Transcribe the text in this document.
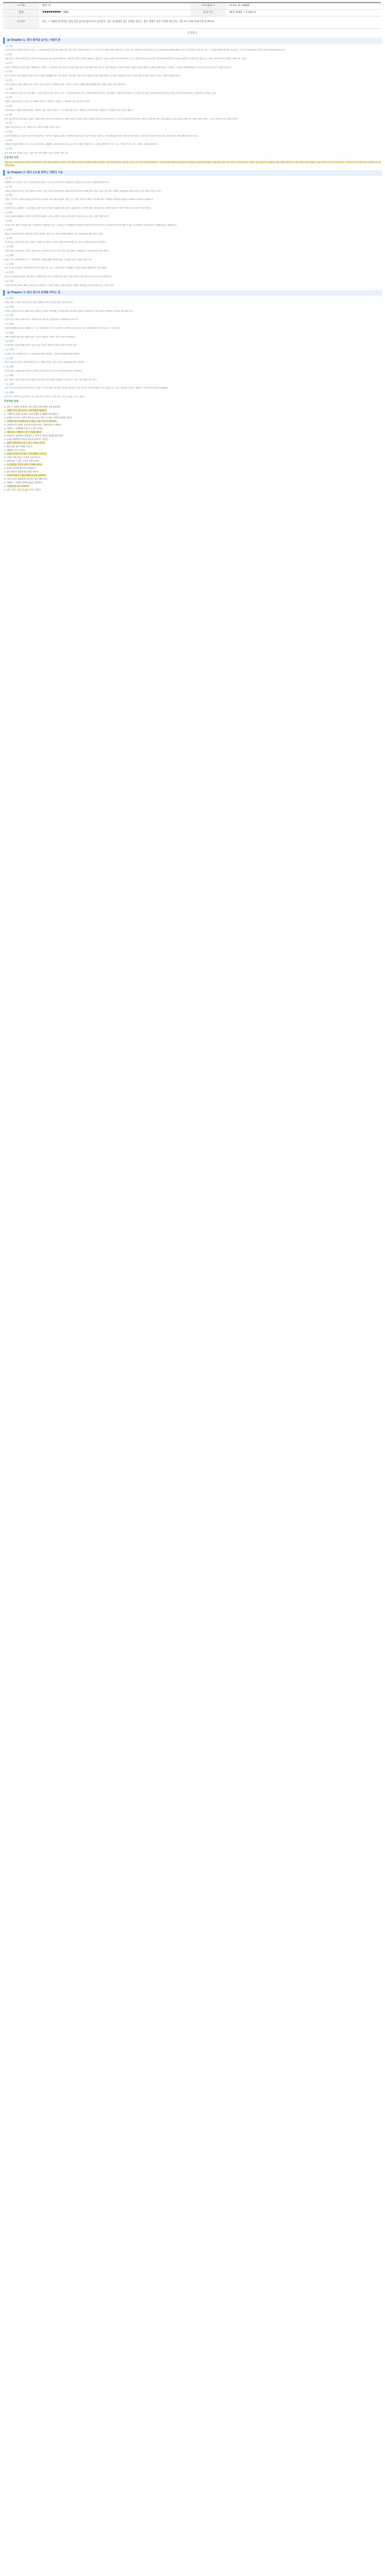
도서명	말의 격	저자/출판사	라이프 북 / 2024
평점	♥♥♥♥♥♥♥♥♥♡ (4.5)	독서기간	24.7.1(월) ~ 7.31(수)
한 줄평	말은 그 사람의 인격이다. 말의 격을 높이면 삶의 격이 높아진다. 좋은 말 습관이 좋은 관계를 만들고, 좋은 관계가 좋은 인생을 만든다는 것을 다시 한번 되새기게 된 책이다.		
[ 목록 ]
■ Chapter 1. 말의 품격을 높이는 사람의 말
✓ p.18
누군가의 말이 마음에 오래 남는 이유는 그 말 안에 진심이 담겨 있기 때문이다. 말은 단순히 정보를 전달하는 도구가 아니라 사람과 사람 사이를 잇는 다리다. 같은 말이라도 어떤 마음으로 하느냐에 따라 상대에게 전해지는 온도가 달라진다. 말의 격은 결국 그 사람의 생각과 태도에서 비롯된다. 그러므로 말을 바꾸고 싶다면 먼저 생각을 바꾸어야 한다.
✓ p.22
말을 잘하는 사람은 많이 말하는 사람이 아니라 필요한 말을 필요한 때에 하는 사람이다. 침묵도 하나의 대화라는 것을 아는 사람은 상대의 이야기를 끝까지 듣는다. 경청은 말의 격을 높이는 가장 확실한 방법이며, 상대를 존중한다는 표현이기도 하다. 듣는 사람이 되어야 비로소 말하는 사람이 될 수 있다.
✓ p.27
칭찬은 구체적일수록 힘이 세다. '잘했어'라는 말보다 '그 부분에서 네가 끝까지 포기하지 않은 점이 정말 멋졌어'라는 말이 더 오래 기억된다. 구체적인 칭찬은 상대가 무엇을 잘했는지 정확히 알게 해주고, 다음에도 그 행동을 반복하게 만든다. 진심 어린 칭찬 한마디가 사람을 움직인다.
✓ p.31
화가 날 때 하는 말은 대부분 후회로 남는다. 감정이 격해졌을 때는 잠시 멈추는 것이 좋다. 숨을 고르고 생각을 정리한 뒤에 말해도 늦지 않다. 감정을 다스리는 사람이 말을 다스리고, 말을 다스리는 사람이 관계를 지킨다.
✓ p.35
사과는 빠를수록 좋다. 변명이 섞인 사과는 사과가 아니다. '미안해, 하지만…'이라는 말 대신 '미안해, 내가 잘못했어'라고 말할 수 있는 용기가 필요하다.
✓ p.38
말투는 습관이다. 매일 쓰는 말이 쌓여 그 사람의 말투가 되고, 말투는 다시 그 사람의 이미지가 된다. 부정적인 말을 자주 하는 사람 곁에는 사람이 모이지 않는다. 긍정적인 말 습관은 하루아침에 만들어지지 않지만, 오늘 한 마디를 바꾸는 것에서부터 시작할 수 있다.
✓ p.42
상대의 이름을 불러주는 것만으로도 대화의 분위기는 달라진다. 이름은 그 사람에게 가장 듣기 좋은 단어다.
✓ p.45
질문을 잘하는 사람이 대화를 잘하는 사람이다. 좋은 질문은 상대가 스스로 생각하게 만들고, 대화를 깊이 있게 이끈다. '왜'보다는 '어떻게'로 묻는 연습을 해보자.
✓ p.49
말은 한번 뱉으면 주워 담을 수 없다. 그래서 말하기 전에 세 번 생각하라는 옛말이 있다. 이 말이 사실인가, 필요한 말인가, 친절한 말인가. 이 세 가지 질문을 통과한 말만 입 밖으로 내보내도 많은 실수를 줄일 수 있다. 말의 무게를 아는 사람은 말을 아낀다. 그리고 아낀 말은 더 큰 힘을 가진다.
✓ p.53
상대의 말을 끊지 않는 것, 그것만으로도 대화의 예의를 지킬 수 있다.
✓ p.56
공감은 해결책을 주는 것이 아니라 마음을 알아주는 것이다. 힘들다고 말하는 사람에게 필요한 것은 조언이 아니라 '그랬구나, 많이 힘들었겠다'라는 한마디일 때가 많다. 공감의 말은 상대의 마음을 열고, 열린 마음은 진짜 대화를 가능하게 한다.
✓ p.60
존댓말과 반말의 경계를 지키는 것도 말의 격이다. 친해졌다고 해서 함부로 말을 놓는 것은 관계를 가볍게 만든다. 상대가 편안하게 느낄 수 있는 거리를 지키는 것이 오래가는 관계의 비결이다.
✓ p.64
좋은 말은 좋은 사람을 부르고, 나쁜 말은 나쁜 상황을 부른다. 말에는 힘이 있다.
인상적인 문장
말을 바꾸고 싶다면 먼저 생각을 바꾸어야 한다. 말은 생각의 열매이고, 생각은 말의 뿌리다. 뿌리가 건강해야 열매가 건강하듯, 생각이 바르면 말도 바르게 나온다. 오늘 내가 한 말을 돌아보며 그 말 속에 어떤 생각이 담겨 있었는지 살펴보는 습관을 들여야겠다. 말의 격을 높이는 일은 결국 나 자신을 돌보는 일이다. 좋은 말을 하기 위해서는 좋은 생각을 해야 하고, 좋은 생각을 하기 위해서는 좋은 것을 보고 듣고 읽어야 한다. 이 책을 읽으며 말 한마디의 소중함을 다시 깨닫게 되었다.
■ Chapter 2. 말의 온도를 맞추는 대화의 기술
✓ p.72
대화에도 온도가 있다. 너무 뜨거우면 상대가 데이고, 너무 차가우면 상대가 얼어붙는다. 적당한 온도의 말은 상대를 편안하게 한다.
✓ p.76
상대의 감정을 먼저 읽는 것이 대화의 시작이다. 표정, 목소리, 몸짓에 담긴 감정을 읽을 줄 알아야 적절한 말을 건넬 수 있다. 같은 말도 상대의 상태에 따라 위로가 되기도 하고 상처가 되기도 한다.
✓ p.80
거절도 기술이다. 상대의 마음을 상하게 하지 않으면서 나의 입장을 분명히 전하는 것, 그것이 건강한 거절이다. '안 돼'보다는 '이번에는 어렵지만 다음에 꼭 함께하고 싶어'라고 말해보자.
✓ p.84
비난하지 말고 요청하라. '너는 왜 항상 늦어?' 대신 '다음에는 10분만 일찍 와줄 수 있을까?'라고 말하면 상대는 방어하지 않고 귀를 기울인다. 비난은 벽을 만들고 요청은 문을 만든다.
✓ p.88
유머는 대화의 윤활유다. 하지만 누군가를 깎아내리는 유머는 웃음이 아니라 상처를 남긴다. 함께 웃을 수 있는 유머가 진짜 유머다.
✓ p.91
'나'를 주어로 말하는 연습을 하자. '너 때문에 속상해'보다 '나는 그 말을 듣고 속상했어'라고 말하면 상대를 탓하지 않으면서도 내 감정을 솔직하게 전할 수 있다. 나-전달법은 갈등을 줄이고 이해를 넓히는 대화법이다.
✓ p.95
침묵을 두려워하지 말자. 대화 중의 침묵은 생각할 시간을 주고, 말의 무게를 더해준다. 모든 빈틈을 말로 채울 필요는 없다.
✓ p.98
감사의 말은 아끼지 말자. 작은 일에도 '고마워'라고 말하는 사람은 주변을 따뜻하게 만든다. 감사는 표현할 때 비로소 완성된다.
✓ p.102
약속한 말은 지켜야 한다. 지키지 못할 약속은 처음부터 하지 않는 것이 낫다. 말과 행동이 일치할 때 그 사람의 말에 신뢰가 생긴다.
✓ p.106
험담은 결국 나에게 돌아온다. 그 자리에 없는 사람에 대해 이야기할 때는 그 사람이 들어도 괜찮은 말만 하자.
✓ p.109
말의 속도를 조절하자. 급하게 말하면 실수가 많아지고, 너무 느리면 상대가 지루해한다. 상대의 호흡에 맞춰 말하는 것이 배려다.
✓ p.112
충고는 요청받았을 때 하는 것이 좋다. 요청받지 않은 충고는 간섭이 되기 쉽다. 상대가 원하는 것이 위로인지 조언인지 먼저 물어보자.
✓ p.116
마지막 말이 중요하다. 대화의 끝에 남기는 한마디가 그 대화 전체의 인상을 결정한다. 헤어질 때 따뜻한 말 한마디를 남기는 사람이 되자.
■ Chapter 3. 말의 힘으로 관계를 바꾸는 법
✓ p.124
관계는 말로 시작되고 말로 끝난다. 좋은 관계를 유지하고 싶다면 말을 가꾸어야 한다.
✓ p.128
가까운 사람일수록 더 조심해야 한다. 편하다는 이유로 가족에게, 친구에게 함부로 말하지는 않았는지 돌아보자. 가장 소중한 사람에게 가장 좋은 말을 해야 한다.
✓ p.132
인정의 말은 사람을 성장시킨다. '너라면 할 수 있어'라는 믿음의 말은 상대에게 용기를 준다.
✓ p.136
상대의 변화를 알아차리고 말해주자. '오늘 표정이 밝아 보여', '요즘 많이 노력하는 것 같아' 같은 말은 상대에게 관심을 받고 있다는 느낌을 준다.
✓ p.140
오해가 생겼을 때는 바로 풀어야 한다. 시간이 지날수록 오해는 커지고, 풀기 어려워진다.
✓ p.144
부탁할 때는 이유를 함께 말하자. 이유가 있는 부탁은 상대가 기꺼이 들어줄 가능성이 높다.
✓ p.148
비교하는 말은 상처를 남긴다. 누구와 비교하기보다 어제의 그 사람과 비교해 성장을 칭찬하자.
✓ p.152
말보다 행동이 먼저다. 하지만 행동만으로는 전해지지 않는 마음도 있다. 사랑한다면 말로 표현하자.
✓ p.156
용서의 말은 상대를 위한 것이기도 하지만 나를 위한 것이기도 하다. 용서하면 마음이 가벼워진다.
✓ p.160
좋은 대화는 서로를 성장시킨다. 대화가 끝난 뒤 더 나은 사람이 되었다고 느끼게 하는 사람, 그런 사람이 되고 싶다.
✓ p.164
말의 격은 하루아침에 높아지지 않는다. 매일 조금씩 연습하고 돌아보는 과정이 필요하다. 오늘 내가 한 말 중에 후회되는 말은 없었는지, 고마운 사람에게 고맙다고 말했는지 하루를 마무리하며 점검해보자.
✓ p.168
결국 말은 사람이다. 말을 가꾸는 일은 나를 가꾸는 일이고, 나를 가꾸는 일은 내 삶을 가꾸는 일이다.
인상적인 문장
➤ 말은 그 사람의 인격이다. 말의 격을 높이면 삶의 격이 높아진다.
➤ 경청은 말의 격을 높이는 가장 확실한 방법이다.
➤ 구체적인 칭찬은 상대가 무엇을 잘했는지 정확히 알게 해준다.
➤ 감정을 다스리는 사람이 말을 다스리고, 말을 다스리는 사람이 관계를 지킨다.
➤ '미안해, 내가 잘못했어'라고 말할 수 있는 용기가 필요하다.
➤ 긍정적인 말 습관은 오늘 한 마디를 바꾸는 것에서부터 시작된다.
➤ 이름은 그 사람에게 가장 듣기 좋은 단어다.
➤ '왜'보다는 '어떻게'로 묻는 연습을 해보자.
➤ 사실인가, 필요한가, 친절한가 — 세 가지 질문을 통과한 말만 하자.
➤ 공감은 해결책이 아니라 마음을 알아주는 것이다.
➤ 상대가 편안하게 느낄 수 있는 거리를 지키자.
➤ 좋은 말은 좋은 사람을 부른다.
➤ 대화에도 온도가 있다.
➤ 상대의 감정을 먼저 읽는 것이 대화의 시작이다.
➤ 비난은 벽을 만들고 요청은 문을 만든다.
➤ 함께 웃을 수 있는 유머가 진짜 유머다.
➤ 나-전달법은 갈등을 줄이고 이해를 넓힌다.
➤ 감사는 표현할 때 비로소 완성된다.
➤ 말과 행동이 일치할 때 신뢰가 생긴다.
➤ 마지막 한마디가 대화 전체의 인상을 결정한다.
➤ 가장 소중한 사람에게 가장 좋은 말을 해야 한다.
➤ 어제의 그 사람과 비교해 성장을 칭찬하자.
➤ 사랑한다면 말로 표현하자.
➤ 말을 가꾸는 일은 내 삶을 가꾸는 일이다.
